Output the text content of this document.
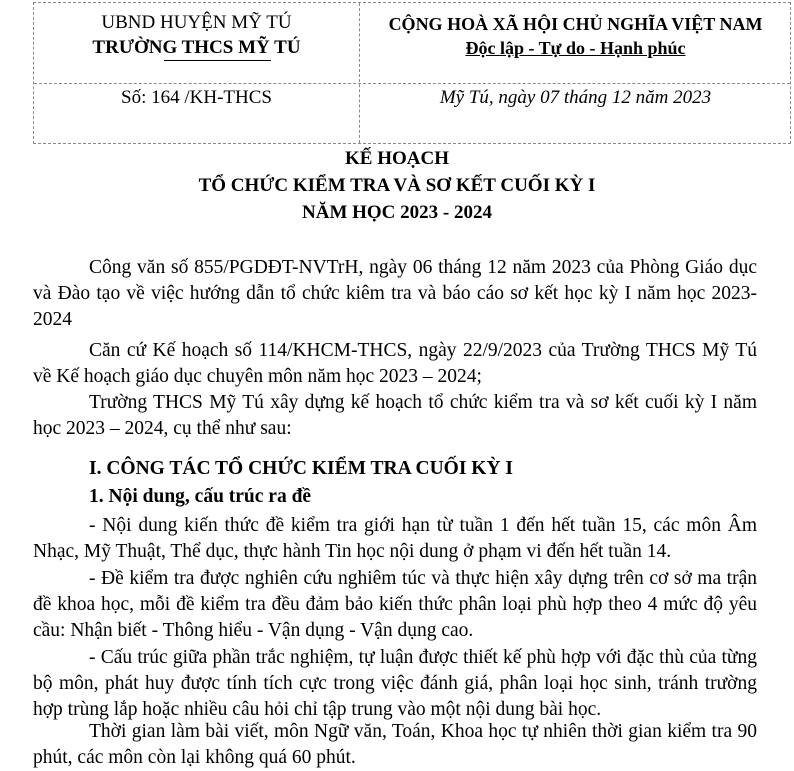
UBND HUYỆN MỸ TÚ
TRƯỜNG THCS MỸ TÚ
CỘNG HOÀ XÃ HỘI CHỦ NGHĨA VIỆT NAM
Độc lập - Tự do - Hạnh phúc
Số: 164 /KH-THCS	Mỹ Tú, ngày 07 tháng 12 năm 2023
KẾ HOẠCH
TỔ CHỨC KIỂM TRA VÀ SƠ KẾT CUỐI KỲ I
NĂM HỌC 2023 - 2024

Công văn số 855/PGDĐT-NVTrH, ngày 06 tháng 12 năm 2023 của Phòng Giáo dục và Đào tạo về việc hướng dẫn tổ chức kiêm tra và báo cáo sơ kết học kỳ I năm học 2023-2024

Căn cứ Kế hoạch số 114/KHCM-THCS, ngày 22/9/2023 của Trường THCS Mỹ Tú về Kế hoạch giáo dục chuyên môn năm học 2023 – 2024;

Trường THCS Mỹ Tú xây dựng kế hoạch tổ chức kiểm tra và sơ kết cuối kỳ I năm học 2023 – 2024, cụ thể như sau:

I. CÔNG TÁC TỔ CHỨC KIỂM TRA CUỐI KỲ I
1. Nội dung, cấu trúc ra đề

- Nội dung kiến thức đề kiểm tra giới hạn từ tuần 1 đến hết tuần 15, các môn Âm Nhạc, Mỹ Thuật, Thể dục, thực hành Tin học nội dung ở phạm vi đến hết tuần 14.

- Đề kiểm tra được nghiên cứu nghiêm túc và thực hiện xây dựng trên cơ sở ma trận đề khoa học, mỗi đề kiểm tra đều đảm bảo kiến thức phân loại phù hợp theo 4 mức độ yêu cầu: Nhận biết - Thông hiểu - Vận dụng - Vận dụng cao.

- Cấu trúc giữa phần trắc nghiệm, tự luận được thiết kế phù hợp với đặc thù của từng bộ môn, phát huy được tính tích cực trong việc đánh giá, phân loại học sinh, tránh trường hợp trùng lắp hoặc nhiều câu hỏi chỉ tập trung vào một nội dung bài học.

Thời gian làm bài viết, môn Ngữ văn, Toán, Khoa học tự nhiên thời gian kiểm tra 90 phút, các môn còn lại không quá 60 phút.
